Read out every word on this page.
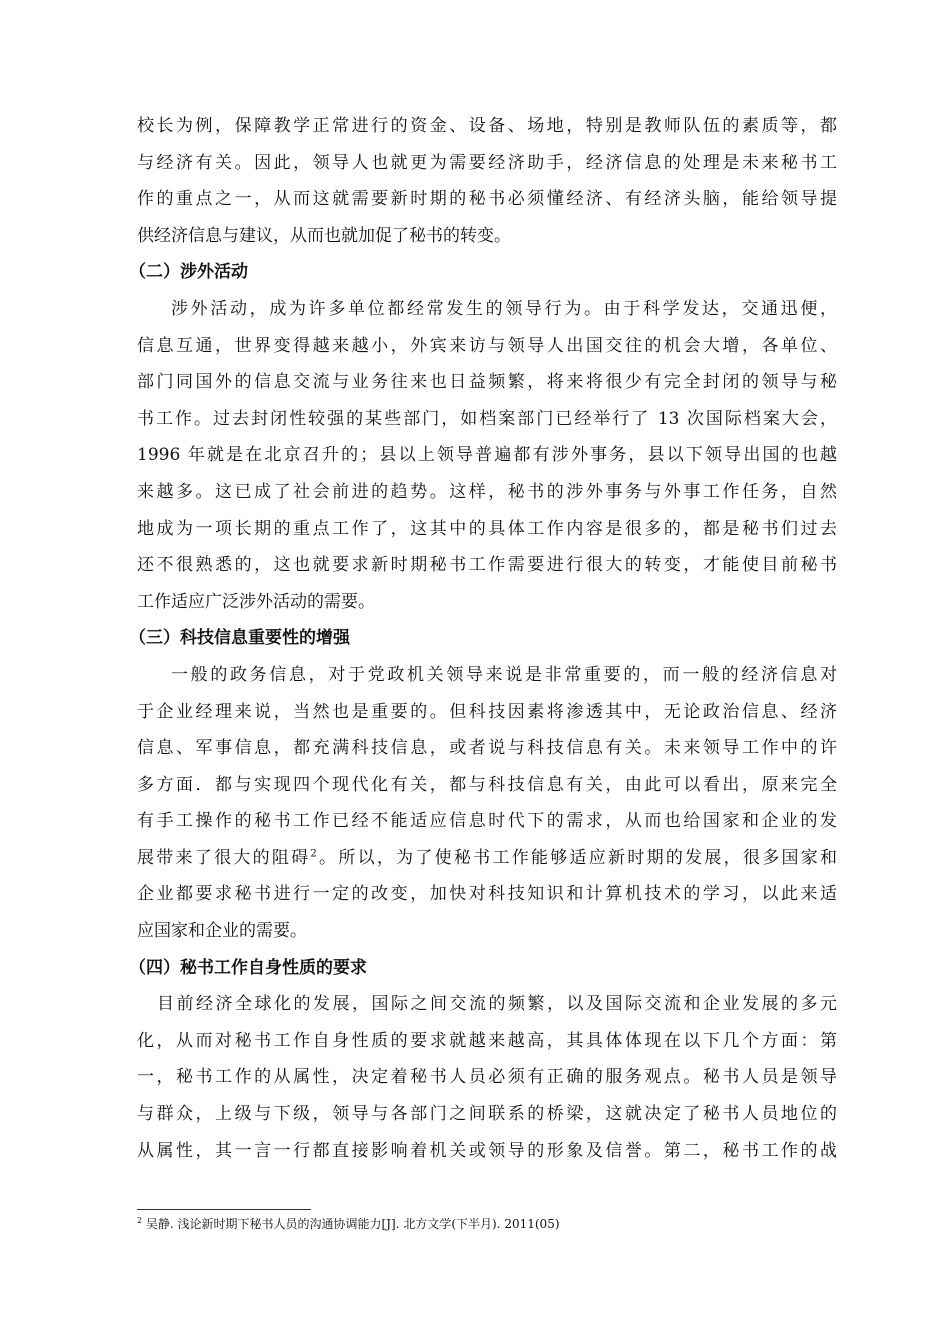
校长为例，保障教学正常进行的资金、设备、场地，特别是教师队伍的素质等，都
与经济有关。因此，领导人也就更为需要经济助手，经济信息的处理是未来秘书工
作的重点之一，从而这就需要新时期的秘书必须懂经济、有经济头脑，能给领导提
供经济信息与建议，从而也就加促了秘书的转变。
（二）涉外活动
涉外活动，成为许多单位都经常发生的领导行为。由于科学发达，交通迅便，
信息互通，世界变得越来越小，外宾来访与领导人出国交往的机会大增，各单位、
部门同国外的信息交流与业务往来也日益频繁，将来将很少有完全封闭的领导与秘
书工作。过去封闭性较强的某些部门，如档案部门已经举行了 13 次国际档案大会，
1996 年就是在北京召升的；县以上领导普遍都有涉外事务，县以下领导出国的也越
来越多。这已成了社会前进的趋势。这样，秘书的涉外事务与外事工作任务，自然
地成为一项长期的重点工作了，这其中的具体工作内容是很多的，都是秘书们过去
还不很熟悉的，这也就要求新时期秘书工作需要进行很大的转变，才能使目前秘书
工作适应广泛涉外活动的需要。
（三）科技信息重要性的增强
一般的政务信息，对于党政机关领导来说是非常重要的，而一般的经济信息对
于企业经理来说，当然也是重要的。但科技因素将渗透其中，无论政治信息、经济
信息、军事信息，都充满科技信息，或者说与科技信息有关。未来领导工作中的许
多方面．都与实现四个现代化有关，都与科技信息有关，由此可以看出，原来完全
有手工操作的秘书工作已经不能适应信息时代下的需求，从而也给国家和企业的发
展带来了很大的阻碍$^2$。所以，为了使秘书工作能够适应新时期的发展，很多国家和
企业都要求秘书进行一定的改变，加快对科技知识和计算机技术的学习，以此来适
应国家和企业的需要。
（四）秘书工作自身性质的要求
目前经济全球化的发展，国际之间交流的频繁，以及国际交流和企业发展的多元
化，从而对秘书工作自身性质的要求就越来越高，其具体体现在以下几个方面：第
一，秘书工作的从属性，决定着秘书人员必须有正确的服务观点。秘书人员是领导
与群众，上级与下级，领导与各部门之间联系的桥梁，这就决定了秘书人员地位的
从属性，其一言一行都直接影响着机关或领导的形象及信誉。第二，秘书工作的战
$^2$ 吴静. 浅论新时期下秘书人员的沟通协调能力[J]. 北方文学(下半月). 2011(05)
